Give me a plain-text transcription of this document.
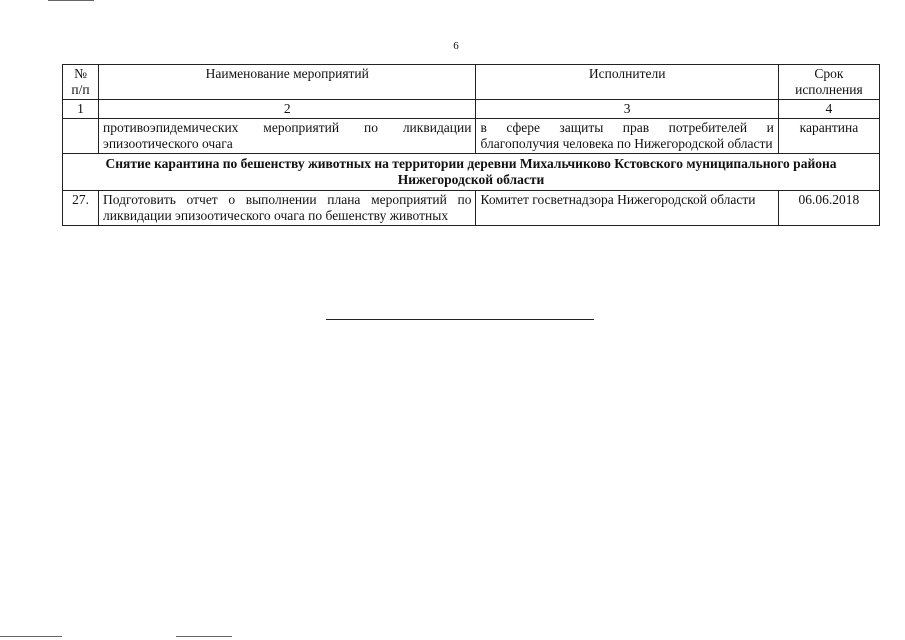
6
№ п/п	Наименование мероприятий	Исполнители	Срок исполнения
1	2	3	4
	противоэпидемических мероприятий по ликвидации эпизоотического очага	в сфере защиты прав потребителей и благополучия человека по Нижегородской области	карантина
Снятие карантина по бешенству животных на территории деревни Михальчиково Кстовского муниципального района Нижегородской области			
27.	Подготовить отчет о выполнении плана мероприятий по ликвидации эпизоотического очага по бешенству животных	Комитет госветнадзора Нижегородской области	06.06.2018
